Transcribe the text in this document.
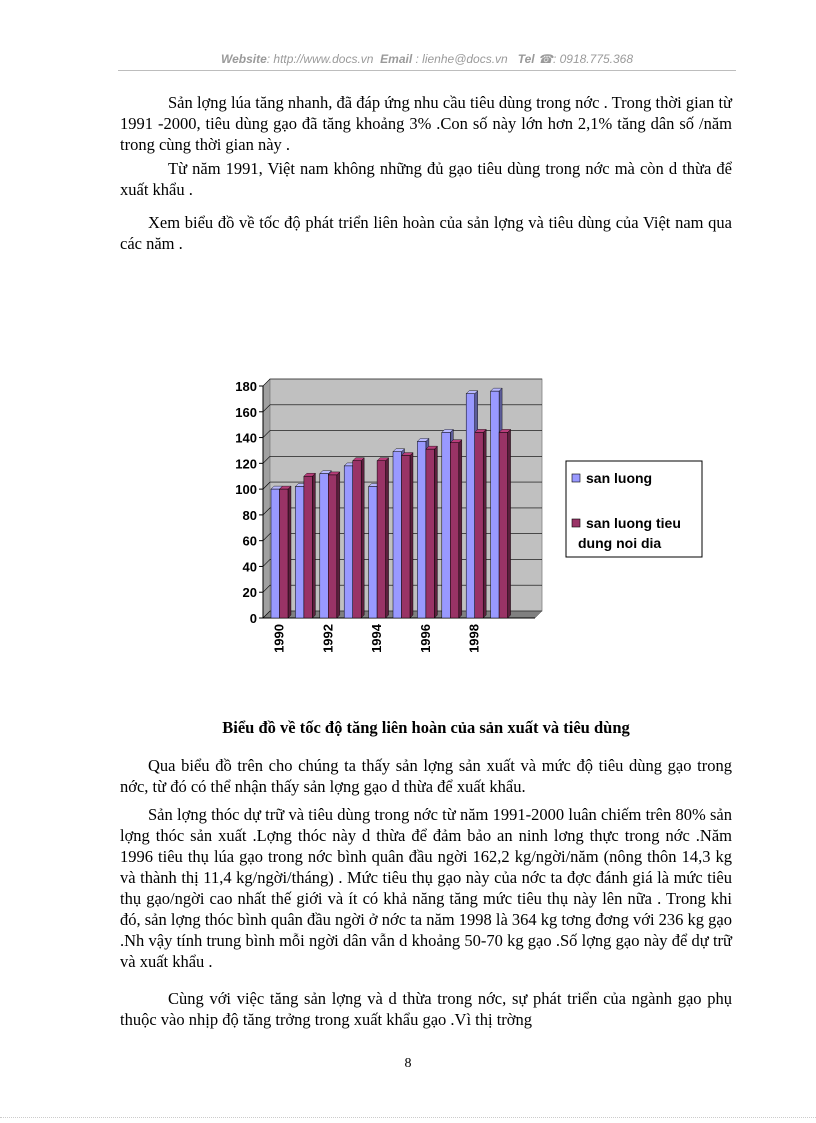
Website: http://www.docs.vn Email : lienhe@docs.vn Tel ☎: 0918.775.368
Sản lợng lúa tăng nhanh, đã đáp ứng nhu cầu tiêu dùng trong nớc . Trong thời gian từ 1991 -2000, tiêu dùng gạo đã tăng khoảng 3% .Con số này lớn hơn 2,1% tăng dân số /năm trong cùng thời gian này .
Từ năm 1991, Việt nam không những đủ gạo tiêu dùng trong nớc mà còn d thừa để xuất khẩu .
Xem biểu đồ về tốc độ phát triển liên hoàn của sản lợng và tiêu dùng của Việt nam qua các năm .
0
20
40
60
80
100
120
140
160
180
1990	1992	1994	1996	1998
san luong
san luong tieu dung noi dia
Biểu đồ về tốc độ tăng liên hoàn của sản xuất và tiêu dùng
Qua biểu đồ trên cho chúng ta thấy sản lợng sản xuất và mức độ tiêu dùng gạo trong nớc, từ đó có thể nhận thấy sản lợng gạo d thừa để xuất khẩu.
Sản lợng thóc dự trữ và tiêu dùng trong nớc từ năm 1991-2000 luân chiếm trên 80% sản lợng thóc sản xuất .Lợng thóc này d thừa để đảm bảo an ninh lơng thực trong nớc .Năm 1996 tiêu thụ lúa gạo trong nớc bình quân đầu ngời 162,2 kg/ngời/năm (nông thôn 14,3 kg và thành thị 11,4 kg/ngời/tháng) . Mức tiêu thụ gạo này của nớc ta đợc đánh giá là mức tiêu thụ gạo/ngời cao nhất thế giới và ít có khả năng tăng mức tiêu thụ này lên nữa . Trong khi đó, sản lợng thóc bình quân đầu ngời ở nớc ta năm 1998 là 364 kg tơng đơng với 236 kg gạo .Nh vậy tính trung bình mỗi ngời dân vẫn d khoảng 50-70 kg gạo .Số lợng gạo này để dự trữ và xuất khẩu .
Cùng với việc tăng sản lợng và d thừa trong nớc, sự phát triển của ngành gạo phụ thuộc vào nhịp độ tăng trởng trong xuất khẩu gạo .Vì thị trờng
8
